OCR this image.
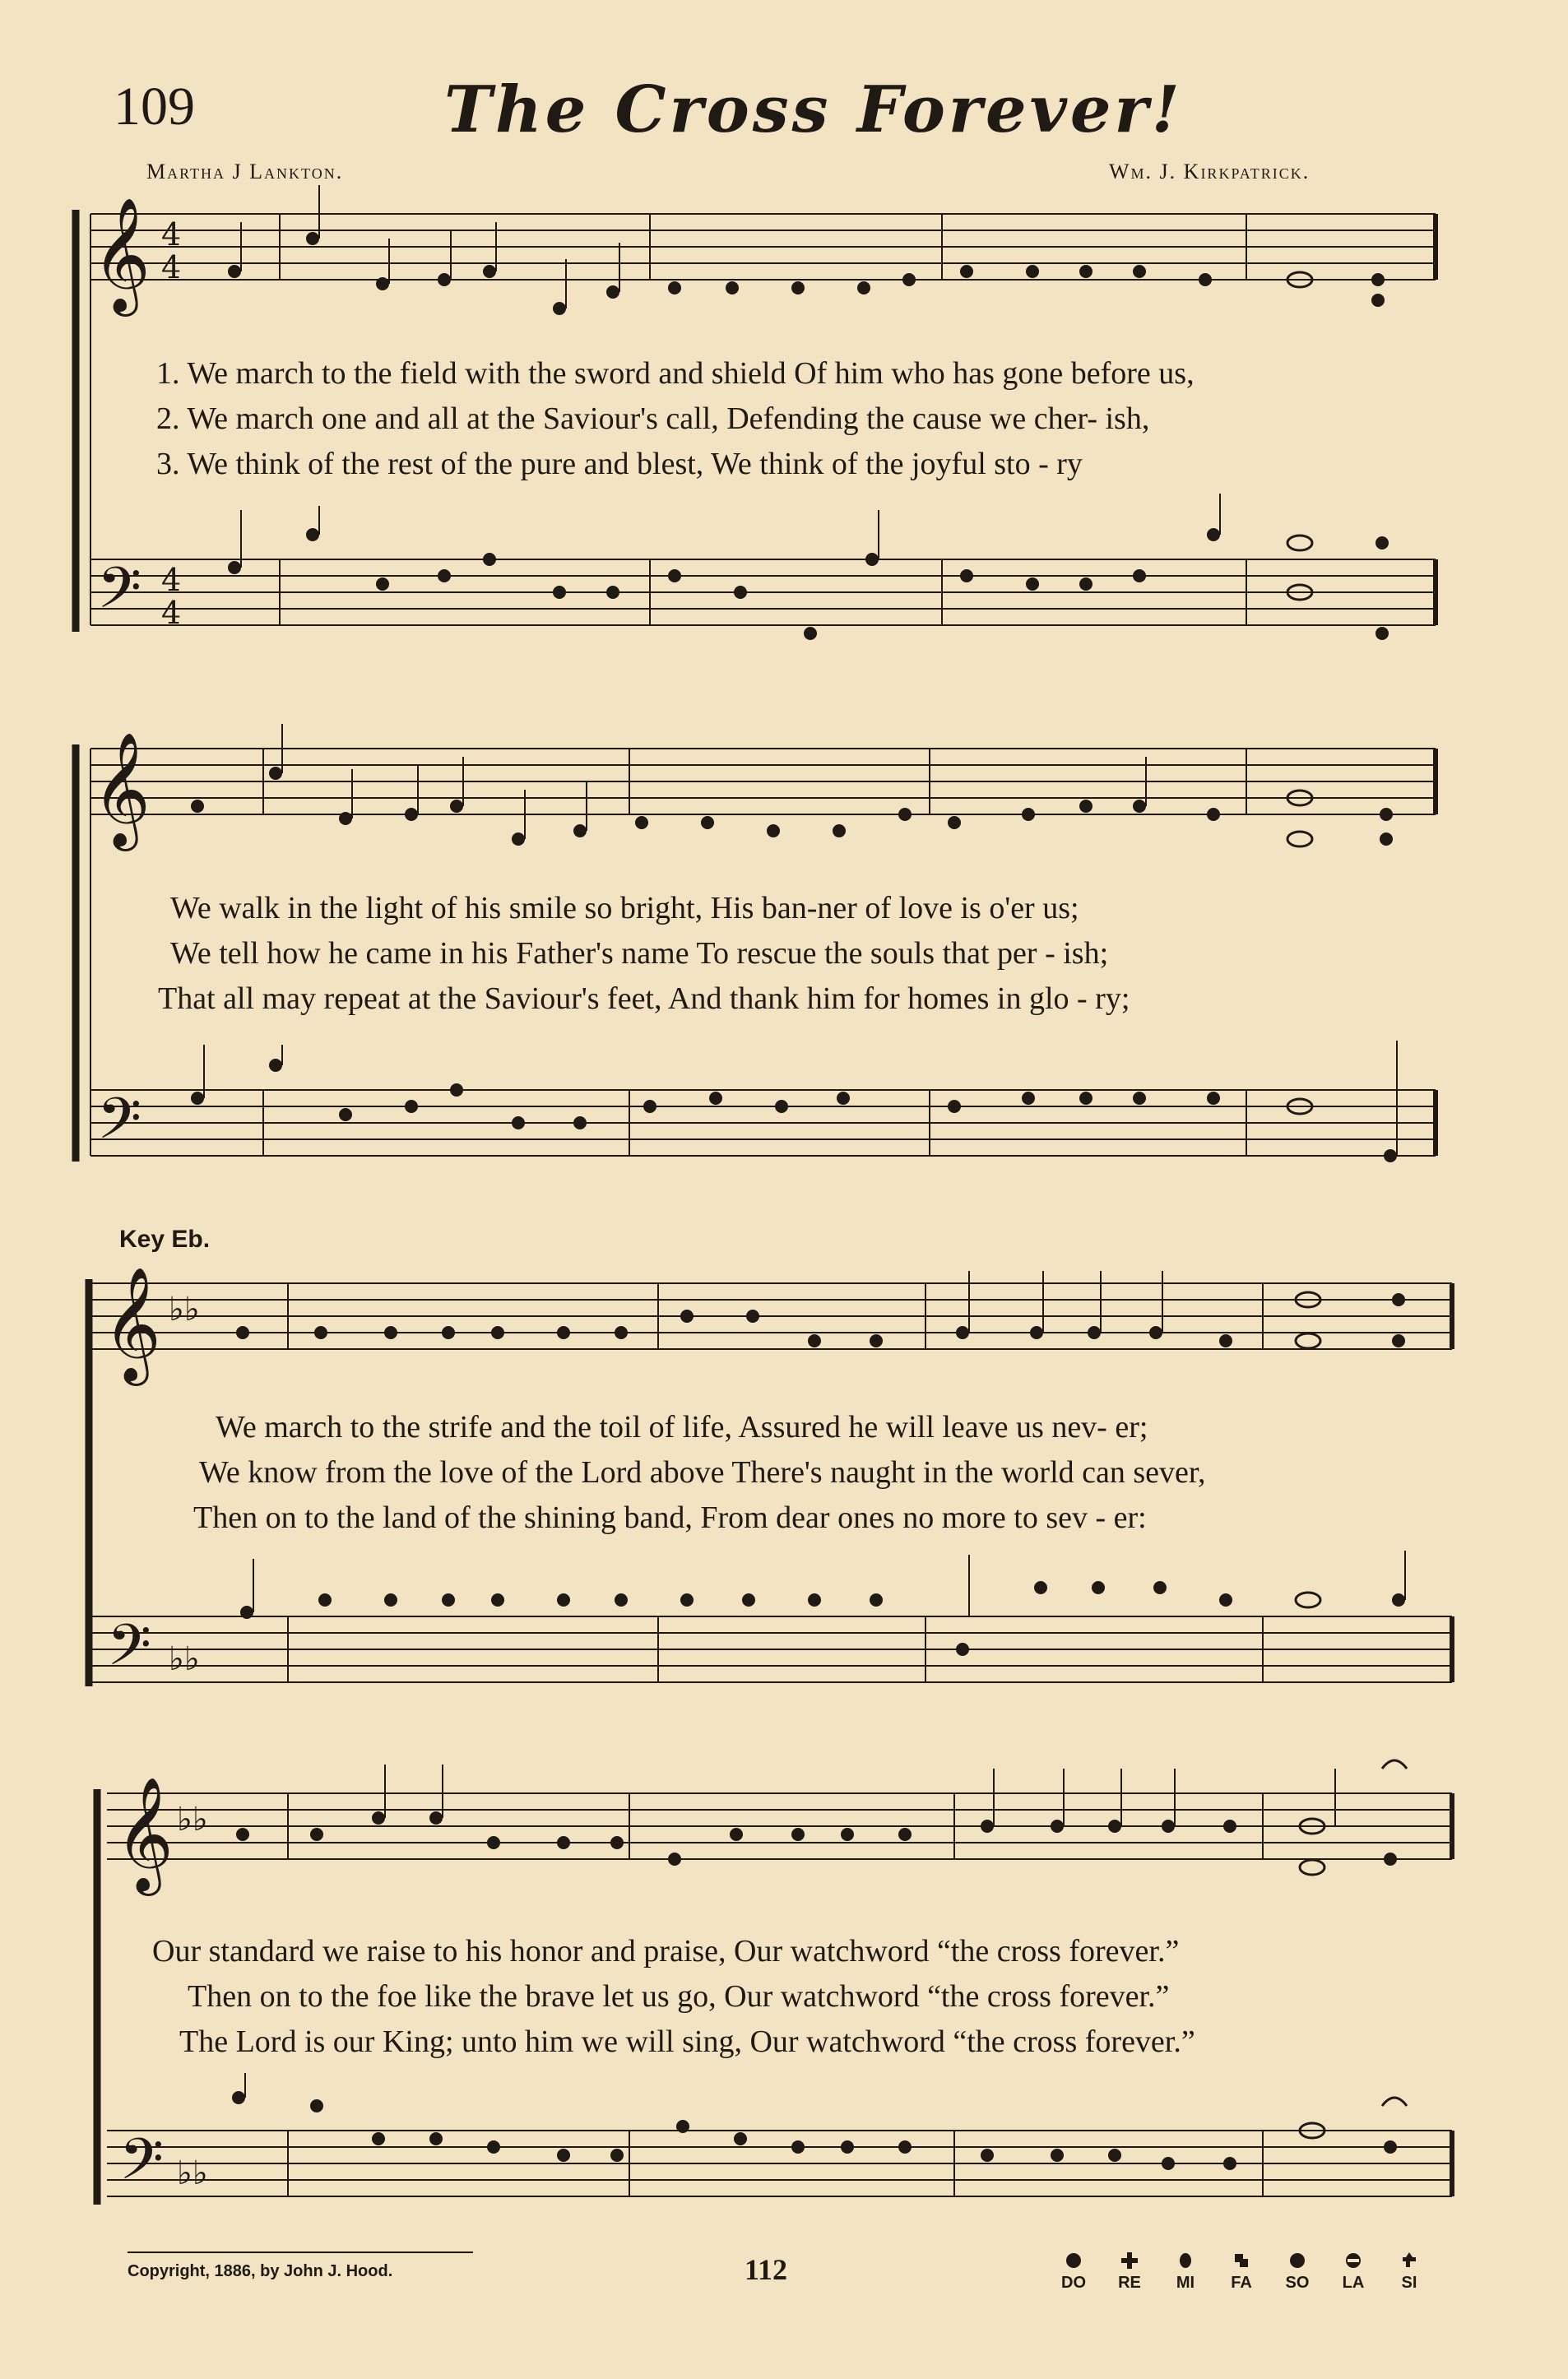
109	The Cross Forever!
Martha J Lankton.	Wm. J. Kirkpatrick.
𝄞
𝄢
4
4
4
4
𝄞
𝄢
𝄞 ♭♭
𝄢 ♭♭
𝄞 ♭♭
𝄢 ♭♭
1. We march to the field with the sword and shield Of him who has gone before us,
2. We march one and all at the Saviour's call, Defending the cause we cher- ish,
3. We think of the rest of the pure and blest, We think of the joyful sto - ry
We walk in the light of his smile so bright, His ban-ner of love is o'er us;
We tell how he came in his Father's name To rescue the souls that per - ish;
That all may repeat at the Saviour's feet, And thank him for homes in glo - ry;
Key Eb.
We march to the strife and the toil of life, Assured he will leave us nev- er;
We know from the love of the Lord above There's naught in the world can sever,
Then on to the land of the shining band, From dear ones no more to sev - er:
Our standard we raise to his honor and praise, Our watchword “the cross forever.”
Then on to the foe like the brave let us go, Our watchword “the cross forever.”
The Lord is our King; unto him we will sing, Our watchword “the cross forever.”
Copyright, 1886, by John J. Hood.	112	DO	RE	MI	FA	SO	LA	SI
